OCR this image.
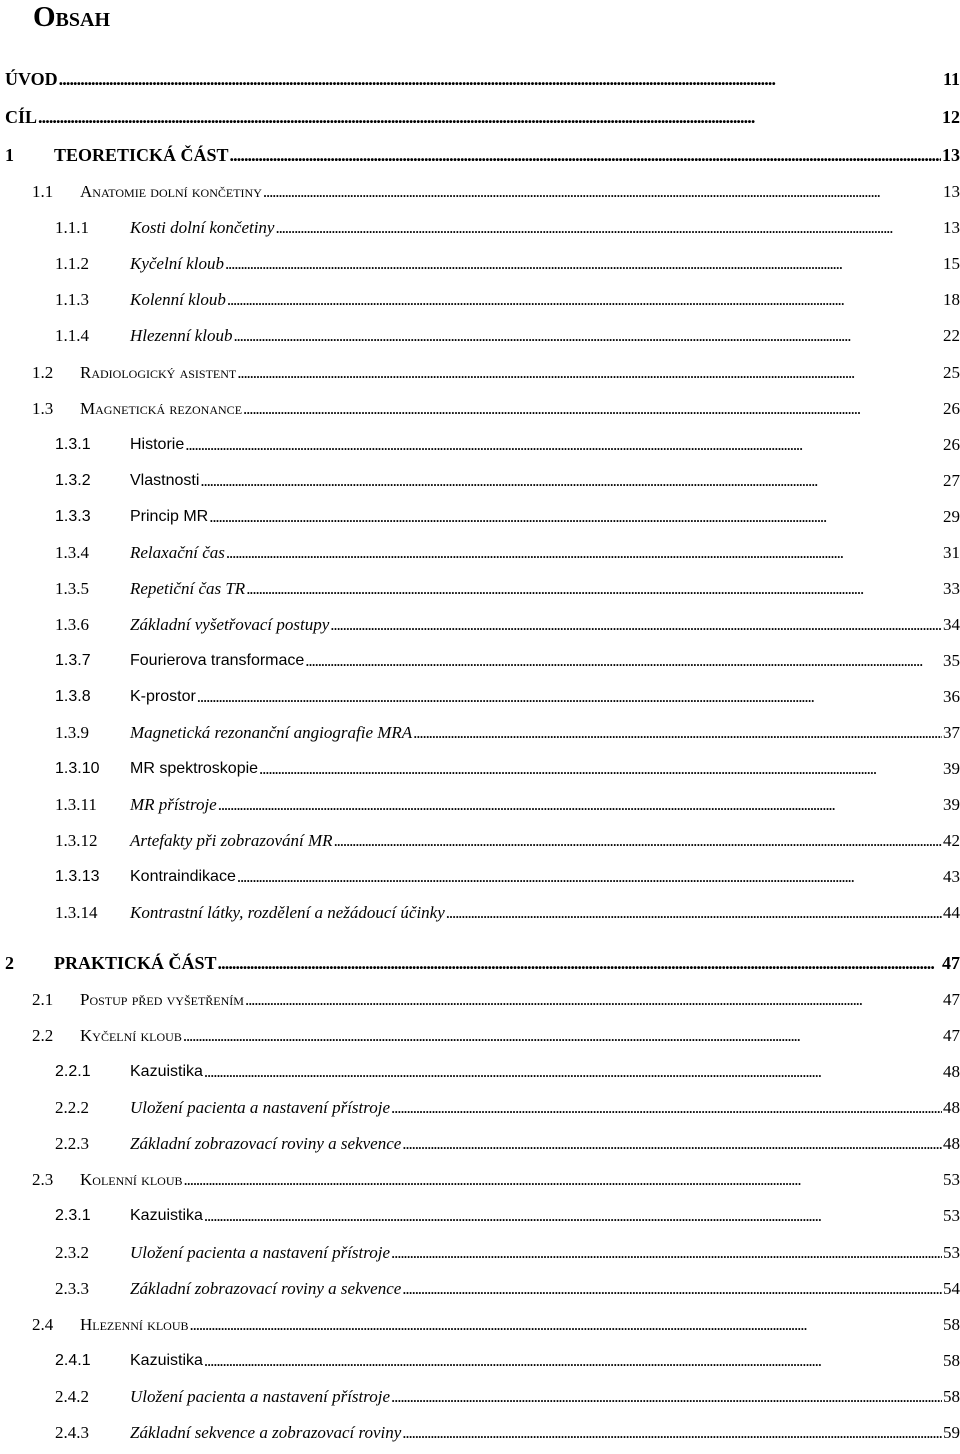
Obsah
ÚVOD . . .	11
CÍL . . .	12
1	TEORETICKÁ ČÁST . . .	13
1.1	Anatomie dolní končetiny . . .	13
1.1.1	Kosti dolní končetiny . . .	13
1.1.2	Kyčelní kloub . . .	15
1.1.3	Kolenní kloub . . .	18
1.1.4	Hlezenní kloub . . .	22
1.2	Radiologický asistent . . .	25
1.3	Magnetická rezonance . . .	26
1.3.1	Historie . . .	26
1.3.2	Vlastnosti . . .	27
1.3.3	Princip MR . . .	29
1.3.4	Relaxační čas . . .	31
1.3.5	Repetiční čas TR . . .	33
1.3.6	Základní vyšetřovací postupy . . .	34
1.3.7	Fourierova transformace . . .	35
1.3.8	K-prostor . . .	36
1.3.9	Magnetická rezonanční angiografie MRA . . .	37
1.3.10	MR spektroskopie . . .	39
1.3.11	MR přístroje . . .	39
1.3.12	Artefakty při zobrazování MR . . .	42
1.3.13	Kontraindikace . . .	43
1.3.14	Kontrastní látky, rozdělení a nežádoucí účinky . . .	44
2	PRAKTICKÁ ČÁST . . .	47
2.1	Postup před vyšetřením . . .	47
2.2	Kyčelní kloub . . .	47
2.2.1	Kazuistika . . .	48
2.2.2	Uložení pacienta a nastavení přístroje . . .	48
2.2.3	Základní zobrazovací roviny a sekvence . . .	48
2.3	Kolenní kloub . . .	53
2.3.1	Kazuistika . . .	53
2.3.2	Uložení pacienta a nastavení přístroje . . .	53
2.3.3	Základní zobrazovací roviny a sekvence . . .	54
2.4	Hlezenní kloub . . .	58
2.4.1	Kazuistika . . .	58
2.4.2	Uložení pacienta a nastavení přístroje . . .	58
2.4.3	Základní sekvence a zobrazovací roviny . . .	59
